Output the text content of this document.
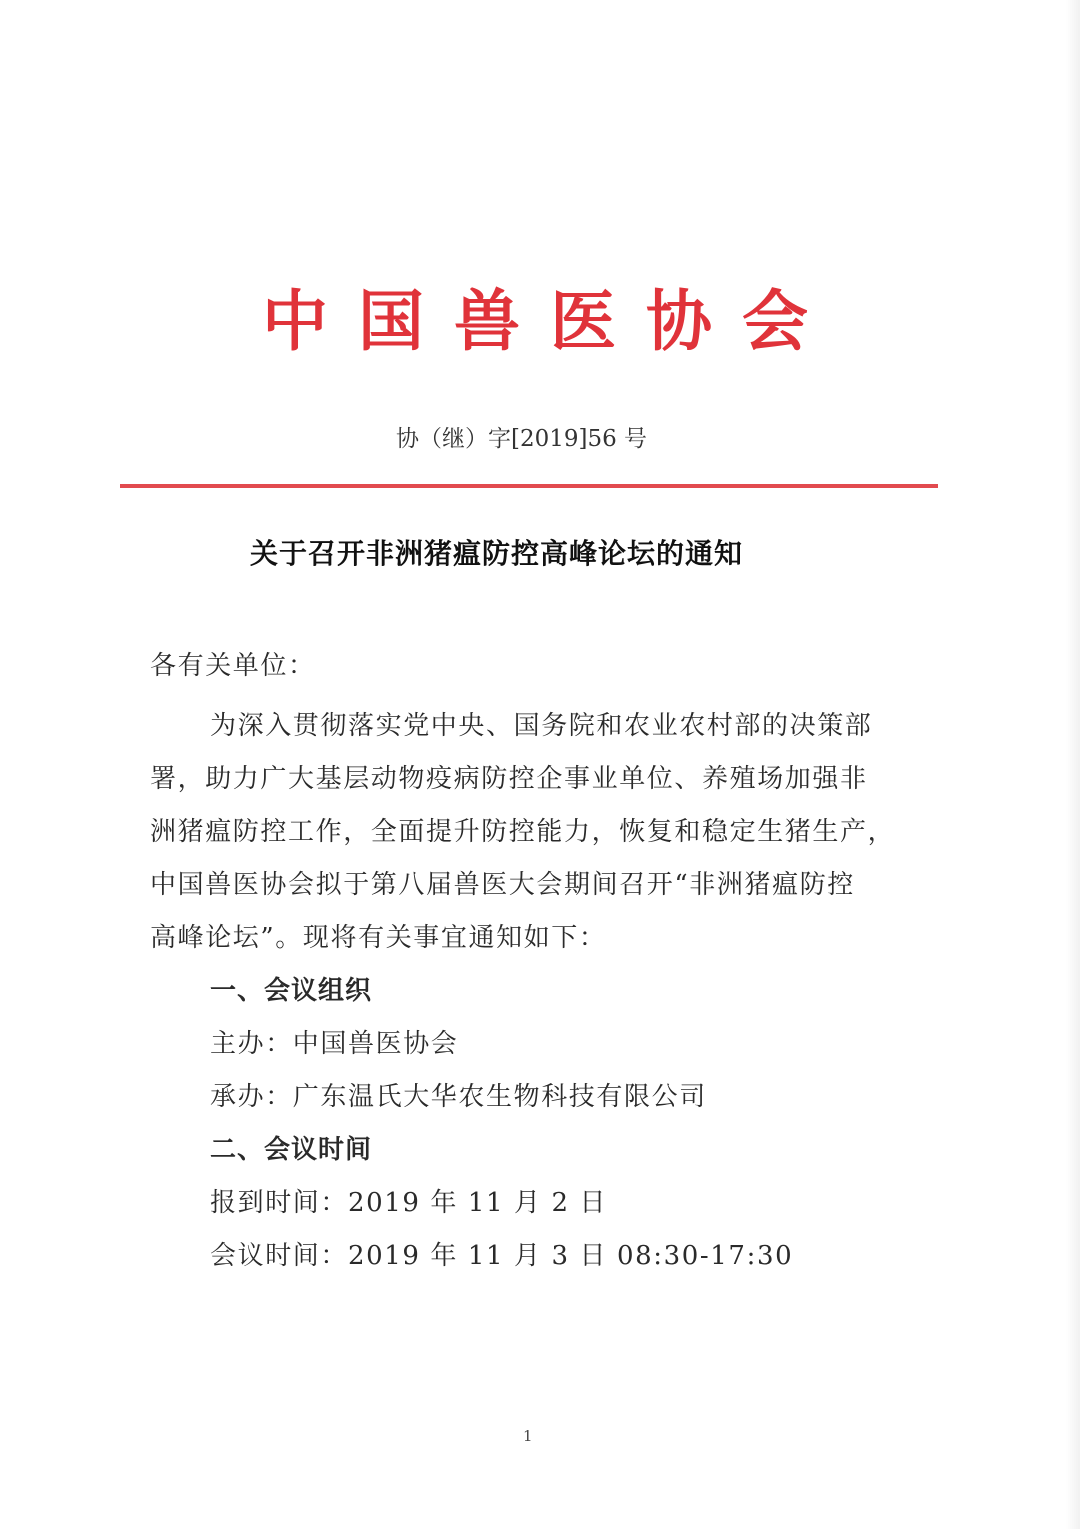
中国兽医协会
协（继）字[2019]56 号
关于召开非洲猪瘟防控高峰论坛的通知
各有关单位：
为深入贯彻落实党中央、国务院和农业农村部的决策部
署，助力广大基层动物疫病防控企事业单位、养殖场加强非
洲猪瘟防控工作，全面提升防控能力，恢复和稳定生猪生产，
中国兽医协会拟于第八届兽医大会期间召开“非洲猪瘟防控
高峰论坛”。现将有关事宜通知如下：
一、会议组织
主办：中国兽医协会
承办：广东温氏大华农生物科技有限公司
二、会议时间
报到时间：2019 年 11 月 2 日
会议时间：2019 年 11 月 3 日 08:30-17:30
1
